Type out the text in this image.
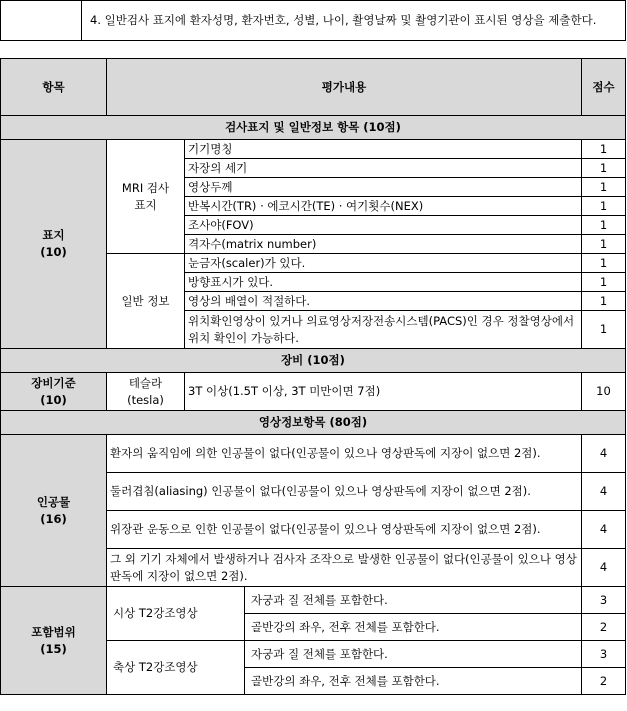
	4. 일반검사 표지에 환자성명, 환자번호, 성별, 나이, 촬영날짜 및 촬영기관이 표시된 영상을 제출한다.
항목	평가내용			점수
검사표지 및 일반정보 항목 (10점)				

표지
(10)	MRI 검사 표지	기기명칭		1
		자장의 세기		1
		영상두께		1
		반복시간(TR) · 에코시간(TE) · 여기횟수(NEX)		1
		조사야(FOV)		1
		격자수(matrix number)		1
	일반 정보	눈금자(scaler)가 있다.		1
		방향표시가 있다.		1
		영상의 배열이 적절하다.		1
		위치확인영상이 있거나 의료영상저장전송시스템(PACS)인 경우 정찰영상에서 위치 확인이 가능하다.		1
장비 (10점)				

장비기준
(10)	테슬라 (tesla)	3T 이상(1.5T 이상, 3T 미만이면 7점)		10
영상정보항목 (80점)				

인공물
(16)	환자의 움직임에 의한 인공물이 없다(인공물이 있으나 영상판독에 지장이 없으면 2점).			4
	둘러겹침(aliasing) 인공물이 없다(인공물이 있으나 영상판독에 지장이 없으면 2점).			4
	위장관 운동으로 인한 인공물이 없다(인공물이 있으나 영상판독에 지장이 없으면 2점).			4
	그 외 기기 자체에서 발생하거나 검사자 조작으로 발생한 인공물이 없다(인공물이 있으나 영상판독에 지장이 없으면 2점).			4

포함범위
(15)	시상 T2강조영상		자궁과 질 전체를 포함한다.	3
			골반강의 좌우, 전후 전체를 포함한다.	2
	축상 T2강조영상		자궁과 질 전체를 포함한다.	3
			골반강의 좌우, 전후 전체를 포함한다.	2
